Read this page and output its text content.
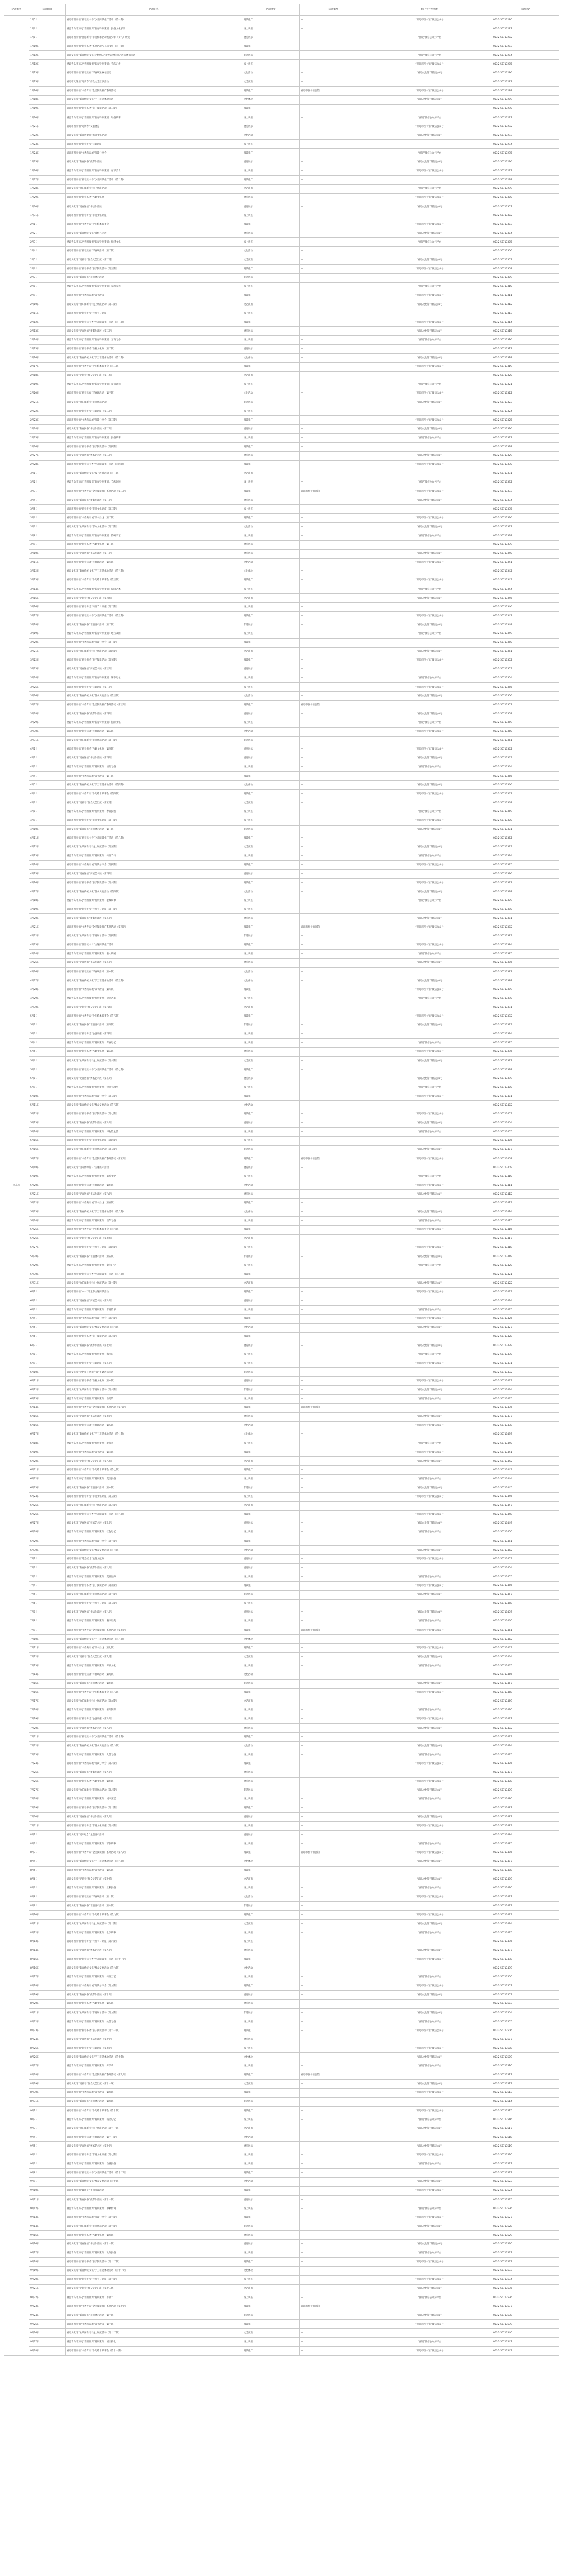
活动单位	活动时间	活动内容	活动类型	活动概况	线上平台及网址	咨询电话
青岛市	1月5日	青岛市图书馆“新春送书香”少儿阅读推广活动（第一期）	阅读推广	—	“青岛市图书馆”微信公众号	0532-55717280
	1月6日	溯源青岛市历史“青图微课”新春特别策划：民俗文化解读	线上讲座	—		0532-55717281
	1月8日	青岛市图书馆“喜迎新春”非遗传承活动暨青少年（少儿）展览	展览展示	—	“喜迎”微信公众号平台	0532-55717282
	1月10日	青岛市图书馆“新春书香”系列活动少儿读书会（第一期）	阅读推广	—		0532-55717283
	1月12日	青岛文化馆“新春传统文化·迎春共庆”非物质文化遗产展示展演活动	非遗展示	—	“喜迎”微信公众号平台	0532-55717284
	1月12日	溯源青岛市历史“青图微课”新春特别策划：节庆习俗	线上讲座	—	“青岛市图书馆”微信公众号	0532-55717285
	1月13日	青岛市图书馆“新春送福”写春联送祝福活动	文化活动	—	“青岛文化馆”微信公众号	0532-55717286
	1月15日	青岛市文化馆“迎新春”群众文艺汇演活动	文艺演出	—		0532-55717287
	1月16日	青岛市图书馆“书香青岛”全民阅读推广系列活动	阅读推广	青岛市图书馆总馆	“青岛市图书馆”微信公众号	0532-55717288
	1月18日	青岛文化馆“新春传统文化”手工非遗体验活动	文化体验	—	“青岛文化馆”微信公众号	0532-55717289
	1月19日	青岛市图书馆“新春书香”亲子阅读活动（第二期）	阅读推广	—		0532-55717290
	1月20日	溯源青岛市历史“青图微课”新春特别策划：年俗故事	线上讲座	—	“喜迎”微信公众号平台	0532-55717291
	1月21日	青岛市图书馆“迎新春”文献展览	展览展示	—	“青岛市图书馆”微信公众号	0532-55717292
	1月22日	青岛文化馆“新春送欢乐”群众文化活动	文化活动	—	“青岛文化馆”微信公众号	0532-55717293
	1月23日	青岛市图书馆“新春讲堂”公益讲座	线上讲座	—		0532-55717294
	1月24日	青岛市图书馆“书香满岛城”阅读分享会	阅读推广	—	“喜迎”微信公众号平台	0532-55717295
	1月25日	青岛文化馆“新春民俗”摄影作品展	展览展示	—	“青岛文化馆”微信公众号	0532-55717296
	1月26日	溯源青岛市历史“青图微课”新春特别策划：春节美食	线上讲座	—	“青岛市图书馆”微信公众号	0532-55717297
	1月27日	青岛市图书馆“新春送书香”少儿阅读推广活动（第二期）	阅读推广	—		0532-55717298
	1月28日	青岛文化馆“欢乐闹新春”线上展演活动	文艺演出	—	“喜迎”微信公众号平台	0532-55717299
	1月29日	青岛市图书馆“新春书香”古籍文化展	展览展示	—	“青岛市图书馆”微信公众号	0532-55717300
	1月30日	青岛文化馆“迎春送福”书法作品展	展览展示	—	“青岛文化馆”微信公众号	0532-55717301
	1月31日	青岛市图书馆“新春讲堂”非遗文化讲座	线上讲座	—		0532-55717302
	2月1日	青岛市图书馆“书香青岛”少儿绘本故事会	阅读推广	—	“青岛市图书馆”微信公众号	0532-55717303
	2月2日	青岛文化馆“新春传统文化”剪纸艺术展	展览展示	—	“青岛文化馆”微信公众号	0532-55717304
	2月3日	溯源青岛市历史“青图微课”新春特别策划：灯谜文化	线上讲座	—	“喜迎”微信公众号平台	0532-55717305
	2月4日	青岛市图书馆“新春送福”写春联活动（第二期）	文化活动	—		0532-55717306
	2月5日	青岛文化馆“迎新春”群众文艺汇演（第二场）	文艺演出	—	“青岛文化馆”微信公众号	0532-55717307
	2月6日	青岛市图书馆“新春书香”亲子阅读活动（第三期）	阅读推广	—	“青岛市图书馆”微信公众号	0532-55717308
	2月7日	青岛文化馆“新春民俗”非遗展示活动	非遗展示	—		0532-55717309
	2月8日	溯源青岛市历史“青图微课”新春特别策划：家风家训	线上讲座	—	“喜迎”微信公众号平台	0532-55717310
	2月9日	青岛市图书馆“书香满岛城”读书沙龙	阅读推广	—	“青岛市图书馆”微信公众号	0532-55717311
	2月10日	青岛文化馆“欢乐闹新春”线上展演活动（第二期）	文艺演出	—	“青岛文化馆”微信公众号	0532-55717312
	2月11日	青岛市图书馆“新春讲堂”传统节日讲座	线上讲座	—		0532-55717313
	2月12日	青岛市图书馆“新春送书香”少儿阅读推广活动（第三期）	阅读推广	—	“青岛市图书馆”微信公众号	0532-55717314
	2月13日	青岛文化馆“迎春送福”摄影作品展（第二期）	展览展示	—	“青岛文化馆”微信公众号	0532-55717315
	2月14日	溯源青岛市历史“青图微课”新春特别策划：元宵习俗	线上讲座	—	“喜迎”微信公众号平台	0532-55717316
	2月15日	青岛市图书馆“新春书香”古籍文化展（第二期）	展览展示	—		0532-55717317
	2月16日	青岛文化馆“新春传统文化”手工非遗体验活动（第二期）	文化体验	—	“青岛文化馆”微信公众号	0532-55717318
	2月17日	青岛市图书馆“书香青岛”少儿绘本故事会（第二期）	阅读推广	—	“青岛市图书馆”微信公众号	0532-55717319
	2月18日	青岛文化馆“迎新春”群众文艺汇演（第三场）	文艺演出	—		0532-55717320
	2月19日	溯源青岛市历史“青图微课”新春特别策划：春节诗词	线上讲座	—	“喜迎”微信公众号平台	0532-55717321
	2月20日	青岛市图书馆“新春送福”写春联活动（第三期）	文化活动	—	“青岛市图书馆”微信公众号	0532-55717322
	2月21日	青岛文化馆“欢乐闹新春”非遗展示活动	非遗展示	—	“青岛文化馆”微信公众号	0532-55717323
	2月22日	青岛市图书馆“新春讲堂”公益讲座（第二期）	线上讲座	—		0532-55717324
	2月23日	青岛市图书馆“书香满岛城”阅读分享会（第二期）	阅读推广	—	“青岛市图书馆”微信公众号	0532-55717325
	2月24日	青岛文化馆“新春民俗”书法作品展（第二期）	展览展示	—	“青岛文化馆”微信公众号	0532-55717326
	2月25日	溯源青岛市历史“青图微课”新春特别策划：民俗故事	线上讲座	—	“喜迎”微信公众号平台	0532-55717327
	2月26日	青岛市图书馆“新春书香”亲子阅读活动（第四期）	阅读推广	—		0532-55717328
	2月27日	青岛文化馆“迎春送福”剪纸艺术展（第二期）	展览展示	—	“青岛文化馆”微信公众号	0532-55717329
	2月28日	青岛市图书馆“新春送书香”少儿阅读推广活动（第四期）	阅读推广	—	“青岛市图书馆”微信公众号	0532-55717330
	3月1日	青岛文化馆“新春传统文化”线上展演活动（第三期）	文艺演出	—		0532-55717331
	3月2日	溯源青岛市历史“青图微课”新春特别策划：节庆回顾	线上讲座	—	“喜迎”微信公众号平台	0532-55717332
	3月3日	青岛市图书馆“书香青岛”全民阅读推广系列活动（第二期）	阅读推广	青岛市图书馆总馆	“青岛市图书馆”微信公众号	0532-55717333
	3月4日	青岛文化馆“新春民俗”摄影作品展（第三期）	展览展示	—	“青岛文化馆”微信公众号	0532-55717334
	3月5日	青岛市图书馆“新春讲堂”非遗文化讲座（第二期）	线上讲座	—		0532-55717335
	3月6日	青岛市图书馆“书香满岛城”读书沙龙（第二期）	阅读推广	—	“青岛市图书馆”微信公众号	0532-55717336
	3月7日	青岛文化馆“欢乐闹新春”群众文化活动（第二期）	文化活动	—	“青岛文化馆”微信公众号	0532-55717337
	3月8日	溯源青岛市历史“青图微课”新春特别策划：传统手艺	线上讲座	—	“喜迎”微信公众号平台	0532-55717338
	3月9日	青岛市图书馆“新春书香”古籍文化展（第三期）	展览展示	—		0532-55717339
	3月10日	青岛文化馆“迎春送福”书法作品展（第三期）	展览展示	—	“青岛文化馆”微信公众号	0532-55717340
	3月11日	青岛市图书馆“新春送福”写春联活动（第四期）	文化活动	—	“青岛市图书馆”微信公众号	0532-55717341
	3月12日	青岛文化馆“新春传统文化”手工非遗体验活动（第三期）	文化体验	—		0532-55717342
	3月13日	青岛市图书馆“书香青岛”少儿绘本故事会（第三期）	阅读推广	—	“青岛市图书馆”微信公众号	0532-55717343
	3月14日	溯源青岛市历史“青图微课”新春特别策划：民间艺术	线上讲座	—	“喜迎”微信公众号平台	0532-55717344
	3月15日	青岛文化馆“迎新春”群众文艺汇演（第四场）	文艺演出	—	“青岛文化馆”微信公众号	0532-55717345
	3月16日	青岛市图书馆“新春讲堂”传统节日讲座（第二期）	线上讲座	—		0532-55717346
	3月17日	青岛市图书馆“新春送书香”少儿阅读推广活动（第五期）	阅读推广	—	“青岛市图书馆”微信公众号	0532-55717347
	3月18日	青岛文化馆“新春民俗”非遗展示活动（第二期）	非遗展示	—	“青岛文化馆”微信公众号	0532-55717348
	3月19日	溯源青岛市历史“青图微课”新春特别策划：地方戏曲	线上讲座	—	“喜迎”微信公众号平台	0532-55717349
	3月20日	青岛市图书馆“书香满岛城”阅读分享会（第三期）	阅读推广	—		0532-55717350
	3月21日	青岛文化馆“欢乐闹新春”线上展演活动（第四期）	文艺演出	—	“青岛文化馆”微信公众号	0532-55717351
	3月22日	青岛市图书馆“新春书香”亲子阅读活动（第五期）	阅读推广	—	“青岛市图书馆”微信公众号	0532-55717352
	3月23日	青岛文化馆“迎春送福”剪纸艺术展（第三期）	展览展示	—		0532-55717353
	3月24日	溯源青岛市历史“青图微课”新春特别策划：城市记忆	线上讲座	—	“喜迎”微信公众号平台	0532-55717354
	3月25日	青岛市图书馆“新春讲堂”公益讲座（第三期）	线上讲座	—	“青岛市图书馆”微信公众号	0532-55717355
	3月26日	青岛文化馆“新春传统文化”群众文化活动（第三期）	文化活动	—	“青岛文化馆”微信公众号	0532-55717356
	3月27日	青岛市图书馆“书香青岛”全民阅读推广系列活动（第三期）	阅读推广	青岛市图书馆总馆		0532-55717357
	3月28日	青岛文化馆“新春民俗”摄影作品展（第四期）	展览展示	—	“青岛文化馆”微信公众号	0532-55717358
	3月29日	溯源青岛市历史“青图微课”新春特别策划：海洋文化	线上讲座	—	“喜迎”微信公众号平台	0532-55717359
	3月30日	青岛市图书馆“新春送福”写春联活动（第五期）	文化活动	—	“青岛市图书馆”微信公众号	0532-55717360
	3月31日	青岛文化馆“欢乐闹新春”非遗展示活动（第三期）	非遗展示	—		0532-55717361
	4月1日	青岛市图书馆“新春书香”古籍文化展（第四期）	展览展示	—	“青岛市图书馆”微信公众号	0532-55717362
	4月2日	青岛文化馆“迎春送福”书法作品展（第四期）	展览展示	—	“青岛文化馆”微信公众号	0532-55717363
	4月3日	溯源青岛市历史“青图微课”特别策划：清明习俗	线上讲座	—	“喜迎”微信公众号平台	0532-55717364
	4月4日	青岛市图书馆“书香满岛城”读书沙龙（第三期）	阅读推广	—		0532-55717365
	4月5日	青岛文化馆“新春传统文化”手工非遗体验活动（第四期）	文化体验	—	“青岛文化馆”微信公众号	0532-55717366
	4月6日	青岛市图书馆“书香青岛”少儿绘本故事会（第四期）	阅读推广	—	“青岛市图书馆”微信公众号	0532-55717367
	4月7日	青岛文化馆“迎新春”群众文艺汇演（第五场）	文艺演出	—		0532-55717368
	4月8日	溯源青岛市历史“青图微课”特别策划：春日民俗	线上讲座	—	“喜迎”微信公众号平台	0532-55717369
	4月9日	青岛市图书馆“新春讲堂”非遗文化讲座（第三期）	线上讲座	—	“青岛市图书馆”微信公众号	0532-55717370
	4月10日	青岛文化馆“新春民俗”非遗展示活动（第三期）	非遗展示	—	“青岛文化馆”微信公众号	0532-55717371
	4月11日	青岛市图书馆“新春送书香”少儿阅读推广活动（第六期）	阅读推广	—		0532-55717372
	4月12日	青岛文化馆“欢乐闹新春”线上展演活动（第五期）	文艺演出	—	“青岛文化馆”微信公众号	0532-55717373
	4月13日	溯源青岛市历史“青图微课”特别策划：传统节气	线上讲座	—	“喜迎”微信公众号平台	0532-55717374
	4月14日	青岛市图书馆“书香满岛城”阅读分享会（第四期）	阅读推广	—	“青岛市图书馆”微信公众号	0532-55717375
	4月15日	青岛文化馆“迎春送福”剪纸艺术展（第四期）	展览展示	—		0532-55717376
	4月16日	青岛市图书馆“新春书香”亲子阅读活动（第六期）	阅读推广	—	“青岛市图书馆”微信公众号	0532-55717377
	4月17日	青岛文化馆“新春传统文化”群众文化活动（第四期）	文化活动	—	“青岛文化馆”微信公众号	0532-55717378
	4月18日	溯源青岛市历史“青图微课”特别策划：老城故事	线上讲座	—	“喜迎”微信公众号平台	0532-55717379
	4月19日	青岛市图书馆“新春讲堂”传统节日讲座（第三期）	线上讲座	—		0532-55717380
	4月20日	青岛文化馆“新春民俗”摄影作品展（第五期）	展览展示	—	“青岛文化馆”微信公众号	0532-55717381
	4月21日	青岛市图书馆“书香青岛”全民阅读推广系列活动（第四期）	阅读推广	青岛市图书馆总馆	“青岛市图书馆”微信公众号	0532-55717382
	4月22日	青岛文化馆“欢乐闹新春”非遗展示活动（第四期）	非遗展示	—		0532-55717383
	4月23日	青岛市图书馆“世界读书日”主题阅读推广活动	阅读推广	—	“青岛市图书馆”微信公众号	0532-55717384
	4月24日	溯源青岛市历史“青图微课”特别策划：名人故居	线上讲座	—	“喜迎”微信公众号平台	0532-55717385
	4月25日	青岛文化馆“迎春送福”书法作品展（第五期）	展览展示	—	“青岛文化馆”微信公众号	0532-55717386
	4月26日	青岛市图书馆“新春送福”写春联活动（第六期）	文化活动	—		0532-55717387
	4月27日	青岛文化馆“新春传统文化”手工非遗体验活动（第五期）	文化体验	—	“青岛文化馆”微信公众号	0532-55717388
	4月28日	青岛市图书馆“书香满岛城”读书沙龙（第四期）	阅读推广	—	“青岛市图书馆”微信公众号	0532-55717389
	4月29日	溯源青岛市历史“青图微课”特别策划：劳动之美	线上讲座	—	“喜迎”微信公众号平台	0532-55717390
	4月30日	青岛文化馆“迎新春”群众文艺汇演（第六场）	文艺演出	—		0532-55717391
	5月1日	青岛市图书馆“书香青岛”少儿绘本故事会（第五期）	阅读推广	—	“青岛市图书馆”微信公众号	0532-55717392
	5月2日	青岛文化馆“新春民俗”非遗展示活动（第四期）	非遗展示	—	“青岛文化馆”微信公众号	0532-55717393
	5月3日	青岛市图书馆“新春讲堂”公益讲座（第四期）	线上讲座	—		0532-55717394
	5月4日	溯源青岛市历史“青图微课”特别策划：青春记忆	线上讲座	—	“喜迎”微信公众号平台	0532-55717395
	5月5日	青岛市图书馆“新春书香”古籍文化展（第五期）	展览展示	—	“青岛市图书馆”微信公众号	0532-55717396
	5月6日	青岛文化馆“欢乐闹新春”线上展演活动（第六期）	文艺演出	—	“青岛文化馆”微信公众号	0532-55717397
	5月7日	青岛市图书馆“新春送书香”少儿阅读推广活动（第七期）	阅读推广	—		0532-55717398
	5月8日	青岛文化馆“迎春送福”剪纸艺术展（第五期）	展览展示	—	“青岛文化馆”微信公众号	0532-55717399
	5月9日	溯源青岛市历史“青图微课”特别策划：母亲节故事	线上讲座	—	“喜迎”微信公众号平台	0532-55717400
	5月10日	青岛市图书馆“书香满岛城”阅读分享会（第五期）	阅读推广	—	“青岛市图书馆”微信公众号	0532-55717401
	5月11日	青岛文化馆“新春传统文化”群众文化活动（第五期）	文化活动	—		0532-55717402
	5月12日	青岛市图书馆“新春书香”亲子阅读活动（第七期）	阅读推广	—	“青岛市图书馆”微信公众号	0532-55717403
	5月13日	青岛文化馆“新春民俗”摄影作品展（第六期）	展览展示	—	“青岛文化馆”微信公众号	0532-55717404
	5月14日	溯源青岛市历史“青图微课”特别策划：博物馆之旅	线上讲座	—	“喜迎”微信公众号平台	0532-55717405
	5月15日	青岛市图书馆“新春讲堂”非遗文化讲座（第四期）	线上讲座	—		0532-55717406
	5月16日	青岛文化馆“欢乐闹新春”非遗展示活动（第五期）	非遗展示	—	“青岛文化馆”微信公众号	0532-55717407
	5月17日	青岛市图书馆“书香青岛”全民阅读推广系列活动（第五期）	阅读推广	青岛市图书馆总馆	“青岛市图书馆”微信公众号	0532-55717408
	5月18日	青岛文化馆“国际博物馆日”主题展示活动	展览展示	—		0532-55717409
	5月19日	溯源青岛市历史“青图微课”特别策划：旅游文化	线上讲座	—	“喜迎”微信公众号平台	0532-55717410
	5月20日	青岛市图书馆“新春送福”写春联活动（第七期）	文化活动	—	“青岛市图书馆”微信公众号	0532-55717411
	5月21日	青岛文化馆“迎春送福”书法作品展（第六期）	展览展示	—	“青岛文化馆”微信公众号	0532-55717412
	5月22日	青岛市图书馆“书香满岛城”读书沙龙（第五期）	阅读推广	—		0532-55717413
	5月23日	青岛文化馆“新春传统文化”手工非遗体验活动（第六期）	文化体验	—	“青岛文化馆”微信公众号	0532-55717414
	5月24日	溯源青岛市历史“青图微课”特别策划：端午习俗	线上讲座	—	“喜迎”微信公众号平台	0532-55717415
	5月25日	青岛市图书馆“书香青岛”少儿绘本故事会（第六期）	阅读推广	—	“青岛市图书馆”微信公众号	0532-55717416
	5月26日	青岛文化馆“迎新春”群众文艺汇演（第七场）	文艺演出	—		0532-55717417
	5月27日	青岛市图书馆“新春讲堂”传统节日讲座（第四期）	线上讲座	—	“青岛市图书馆”微信公众号	0532-55717418
	5月28日	青岛文化馆“新春民俗”非遗展示活动（第五期）	非遗展示	—	“青岛文化馆”微信公众号	0532-55717419
	5月29日	溯源青岛市历史“青图微课”特别策划：童年记忆	线上讲座	—	“喜迎”微信公众号平台	0532-55717420
	5月30日	青岛市图书馆“新春送书香”少儿阅读推广活动（第八期）	阅读推广	—		0532-55717421
	5月31日	青岛文化馆“欢乐闹新春”线上展演活动（第七期）	文艺演出	—	“青岛文化馆”微信公众号	0532-55717422
	6月1日	青岛市图书馆“六一”儿童节主题阅读活动	阅读推广	—	“青岛市图书馆”微信公众号	0532-55717423
	6月2日	青岛文化馆“迎春送福”剪纸艺术展（第六期）	展览展示	—		0532-55717424
	6月3日	溯源青岛市历史“青图微课”特别策划：非遗传承	线上讲座	—	“喜迎”微信公众号平台	0532-55717425
	6月4日	青岛市图书馆“书香满岛城”阅读分享会（第六期）	阅读推广	—	“青岛市图书馆”微信公众号	0532-55717426
	6月5日	青岛文化馆“新春传统文化”群众文化活动（第六期）	文化活动	—	“青岛文化馆”微信公众号	0532-55717427
	6月6日	青岛市图书馆“新春书香”亲子阅读活动（第八期）	阅读推广	—		0532-55717428
	6月7日	青岛文化馆“新春民俗”摄影作品展（第七期）	展览展示	—	“青岛文化馆”微信公众号	0532-55717429
	6月8日	溯源青岛市历史“青图微课”特别策划：海洋日	线上讲座	—	“喜迎”微信公众号平台	0532-55717430
	6月9日	青岛市图书馆“新春讲堂”公益讲座（第五期）	线上讲座	—	“青岛市图书馆”微信公众号	0532-55717431
	6月10日	青岛文化馆“文化和自然遗产日”主题展示活动	非遗展示	—		0532-55717432
	6月11日	青岛市图书馆“新春书香”古籍文化展（第六期）	展览展示	—	“青岛市图书馆”微信公众号	0532-55717433
	6月12日	青岛文化馆“欢乐闹新春”非遗展示活动（第六期）	非遗展示	—	“青岛文化馆”微信公众号	0532-55717434
	6月13日	溯源青岛市历史“青图微课”特别策划：古建筑	线上讲座	—	“喜迎”微信公众号平台	0532-55717435
	6月14日	青岛市图书馆“书香青岛”全民阅读推广系列活动（第六期）	阅读推广	青岛市图书馆总馆		0532-55717436
	6月15日	青岛文化馆“迎春送福”书法作品展（第七期）	展览展示	—	“青岛文化馆”微信公众号	0532-55717437
	6月16日	青岛市图书馆“新春送福”写春联活动（第八期）	文化活动	—	“青岛市图书馆”微信公众号	0532-55717438
	6月17日	青岛文化馆“新春传统文化”手工非遗体验活动（第七期）	文化体验	—		0532-55717439
	6月18日	溯源青岛市历史“青图微课”特别策划：老街巷	线上讲座	—	“喜迎”微信公众号平台	0532-55717440
	6月19日	青岛市图书馆“书香满岛城”读书沙龙（第六期）	阅读推广	—	“青岛市图书馆”微信公众号	0532-55717441
	6月20日	青岛文化馆“迎新春”群众文艺汇演（第八场）	文艺演出	—	“青岛文化馆”微信公众号	0532-55717442
	6月21日	青岛市图书馆“书香青岛”少儿绘本故事会（第七期）	阅读推广	—		0532-55717443
	6月22日	溯源青岛市历史“青图微课”特别策划：夏至民俗	线上讲座	—	“喜迎”微信公众号平台	0532-55717444
	6月23日	青岛文化馆“新春民俗”非遗展示活动（第六期）	非遗展示	—	“青岛文化馆”微信公众号	0532-55717445
	6月24日	青岛市图书馆“新春讲堂”非遗文化讲座（第五期）	线上讲座	—	“青岛市图书馆”微信公众号	0532-55717446
	6月25日	青岛文化馆“欢乐闹新春”线上展演活动（第八期）	文艺演出	—		0532-55717447
	6月26日	青岛市图书馆“新春送书香”少儿阅读推广活动（第九期）	阅读推广	—	“青岛市图书馆”微信公众号	0532-55717448
	6月27日	青岛文化馆“迎春送福”剪纸艺术展（第七期）	展览展示	—	“青岛文化馆”微信公众号	0532-55717449
	6月28日	溯源青岛市历史“青图微课”特别策划：红色记忆	线上讲座	—	“喜迎”微信公众号平台	0532-55717450
	6月29日	青岛市图书馆“书香满岛城”阅读分享会（第七期）	阅读推广	—		0532-55717451
	6月30日	青岛文化馆“新春传统文化”群众文化活动（第七期）	文化活动	—	“青岛文化馆”微信公众号	0532-55717452
	7月1日	青岛市图书馆“建党纪念”主题文献展	展览展示	—	“青岛市图书馆”微信公众号	0532-55717453
	7月2日	青岛文化馆“新春民俗”摄影作品展（第八期）	展览展示	—		0532-55717454
	7月3日	溯源青岛市历史“青图微课”特别策划：夏日海滨	线上讲座	—	“喜迎”微信公众号平台	0532-55717455
	7月4日	青岛市图书馆“新春书香”亲子阅读活动（第九期）	阅读推广	—	“青岛市图书馆”微信公众号	0532-55717456
	7月5日	青岛文化馆“欢乐闹新春”非遗展示活动（第七期）	非遗展示	—	“青岛文化馆”微信公众号	0532-55717457
	7月6日	青岛市图书馆“新春讲堂”传统节日讲座（第五期）	线上讲座	—		0532-55717458
	7月7日	青岛文化馆“迎春送福”书法作品展（第八期）	展览展示	—	“青岛文化馆”微信公众号	0532-55717459
	7月8日	溯源青岛市历史“青图微课”特别策划：港口历史	线上讲座	—	“喜迎”微信公众号平台	0532-55717460
	7月9日	青岛市图书馆“书香青岛”全民阅读推广系列活动（第七期）	阅读推广	青岛市图书馆总馆	“青岛市图书馆”微信公众号	0532-55717461
	7月10日	青岛文化馆“新春传统文化”手工非遗体验活动（第八期）	文化体验	—		0532-55717462
	7月11日	青岛市图书馆“书香满岛城”读书沙龙（第七期）	阅读推广	—	“青岛市图书馆”微信公众号	0532-55717463
	7月12日	青岛文化馆“迎新春”群众文艺汇演（第九场）	文艺演出	—	“青岛文化馆”微信公众号	0532-55717464
	7月13日	溯源青岛市历史“青图微课”特别策划：啤酒文化	线上讲座	—	“喜迎”微信公众号平台	0532-55717465
	7月14日	青岛市图书馆“新春送福”写春联活动（第九期）	文化活动	—		0532-55717466
	7月15日	青岛文化馆“新春民俗”非遗展示活动（第七期）	非遗展示	—	“青岛文化馆”微信公众号	0532-55717467
	7月16日	青岛市图书馆“书香青岛”少儿绘本故事会（第八期）	阅读推广	—	“青岛市图书馆”微信公众号	0532-55717468
	7月17日	青岛文化馆“欢乐闹新春”线上展演活动（第九期）	文艺演出	—		0532-55717469
	7月18日	溯源青岛市历史“青图微课”特别策划：暑期阅读	线上讲座	—	“喜迎”微信公众号平台	0532-55717470
	7月19日	青岛市图书馆“新春讲堂”公益讲座（第六期）	线上讲座	—	“青岛市图书馆”微信公众号	0532-55717471
	7月20日	青岛文化馆“迎春送福”剪纸艺术展（第八期）	展览展示	—	“青岛文化馆”微信公众号	0532-55717472
	7月21日	青岛市图书馆“新春送书香”少儿阅读推广活动（第十期）	阅读推广	—		0532-55717473
	7月22日	青岛文化馆“新春传统文化”群众文化活动（第八期）	文化活动	—	“青岛文化馆”微信公众号	0532-55717474
	7月23日	溯源青岛市历史“青图微课”特别策划：大暑习俗	线上讲座	—	“喜迎”微信公众号平台	0532-55717475
	7月24日	青岛市图书馆“书香满岛城”阅读分享会（第八期）	阅读推广	—	“青岛市图书馆”微信公众号	0532-55717476
	7月25日	青岛文化馆“新春民俗”摄影作品展（第九期）	展览展示	—		0532-55717477
	7月26日	青岛市图书馆“新春书香”古籍文化展（第七期）	展览展示	—	“青岛市图书馆”微信公众号	0532-55717478
	7月27日	青岛文化馆“欢乐闹新春”非遗展示活动（第八期）	非遗展示	—	“青岛文化馆”微信公众号	0532-55717479
	7月28日	溯源青岛市历史“青图微课”特别策划：城市变迁	线上讲座	—	“喜迎”微信公众号平台	0532-55717480
	7月29日	青岛市图书馆“新春书香”亲子阅读活动（第十期）	阅读推广	—		0532-55717481
	7月30日	青岛文化馆“迎春送福”书法作品展（第九期）	展览展示	—	“青岛文化馆”微信公众号	0532-55717482
	7月31日	青岛市图书馆“新春讲堂”非遗文化讲座（第六期）	线上讲座	—	“青岛市图书馆”微信公众号	0532-55717483
	8月1日	青岛文化馆“建军纪念”主题展示活动	展览展示	—		0532-55717484
	8月2日	溯源青岛市历史“青图微课”特别策划：军旅故事	线上讲座	—	“喜迎”微信公众号平台	0532-55717485
	8月3日	青岛市图书馆“书香青岛”全民阅读推广系列活动（第八期）	阅读推广	青岛市图书馆总馆	“青岛市图书馆”微信公众号	0532-55717486
	8月4日	青岛文化馆“新春传统文化”手工非遗体验活动（第九期）	文化体验	—	“青岛文化馆”微信公众号	0532-55717487
	8月5日	青岛市图书馆“书香满岛城”读书沙龙（第八期）	阅读推广	—		0532-55717488
	8月6日	青岛文化馆“迎新春”群众文艺汇演（第十场）	文艺演出	—	“青岛文化馆”微信公众号	0532-55717489
	8月7日	溯源青岛市历史“青图微课”特别策划：立秋民俗	线上讲座	—	“喜迎”微信公众号平台	0532-55717490
	8月8日	青岛市图书馆“新春送福”写春联活动（第十期）	文化活动	—	“青岛市图书馆”微信公众号	0532-55717491
	8月9日	青岛文化馆“新春民俗”非遗展示活动（第八期）	非遗展示	—		0532-55717492
	8月10日	青岛市图书馆“书香青岛”少儿绘本故事会（第九期）	阅读推广	—	“青岛市图书馆”微信公众号	0532-55717493
	8月11日	青岛文化馆“欢乐闹新春”线上展演活动（第十期）	文艺演出	—	“青岛文化馆”微信公众号	0532-55717494
	8月12日	溯源青岛市历史“青图微课”特别策划：七夕故事	线上讲座	—	“喜迎”微信公众号平台	0532-55717495
	8月13日	青岛市图书馆“新春讲堂”传统节日讲座（第六期）	线上讲座	—		0532-55717496
	8月14日	青岛文化馆“迎春送福”剪纸艺术展（第九期）	展览展示	—	“青岛文化馆”微信公众号	0532-55717497
	8月15日	青岛市图书馆“新春送书香”少儿阅读推广活动（第十一期）	阅读推广	—	“青岛市图书馆”微信公众号	0532-55717498
	8月16日	青岛文化馆“新春传统文化”群众文化活动（第九期）	文化活动	—		0532-55717499
	8月17日	溯源青岛市历史“青图微课”特别策划：传统工艺	线上讲座	—	“喜迎”微信公众号平台	0532-55717500
	8月18日	青岛市图书馆“书香满岛城”阅读分享会（第九期）	阅读推广	—	“青岛市图书馆”微信公众号	0532-55717501
	8月19日	青岛文化馆“新春民俗”摄影作品展（第十期）	展览展示	—	“青岛文化馆”微信公众号	0532-55717502
	8月20日	青岛市图书馆“新春书香”古籍文化展（第八期）	展览展示	—		0532-55717503
	8月21日	青岛文化馆“欢乐闹新春”非遗展示活动（第九期）	非遗展示	—	“青岛文化馆”微信公众号	0532-55717504
	8月22日	溯源青岛市历史“青图微课”特别策划：处暑习俗	线上讲座	—	“喜迎”微信公众号平台	0532-55717505
	8月23日	青岛市图书馆“新春书香”亲子阅读活动（第十一期）	阅读推广	—	“青岛市图书馆”微信公众号	0532-55717506
	8月24日	青岛文化馆“迎春送福”书法作品展（第十期）	展览展示	—		0532-55717507
	8月25日	青岛市图书馆“新春讲堂”公益讲座（第七期）	线上讲座	—	“青岛市图书馆”微信公众号	0532-55717508
	8月26日	青岛文化馆“新春传统文化”手工非遗体验活动（第十期）	文化体验	—	“青岛文化馆”微信公众号	0532-55717509
	8月27日	溯源青岛市历史“青图微课”特别策划：开学季	线上讲座	—	“喜迎”微信公众号平台	0532-55717510
	8月28日	青岛市图书馆“书香青岛”全民阅读推广系列活动（第九期）	阅读推广	青岛市图书馆总馆		0532-55717511
	8月29日	青岛文化馆“迎新春”群众文艺汇演（第十一场）	文艺演出	—	“青岛文化馆”微信公众号	0532-55717512
	8月30日	青岛市图书馆“书香满岛城”读书沙龙（第九期）	阅读推广	—	“青岛市图书馆”微信公众号	0532-55717513
	8月31日	青岛文化馆“新春民俗”非遗展示活动（第九期）	非遗展示	—		0532-55717514
	9月1日	青岛市图书馆“书香青岛”少儿绘本故事会（第十期）	阅读推广	—	“青岛市图书馆”微信公众号	0532-55717515
	9月2日	溯源青岛市历史“青图微课”特别策划：校园记忆	线上讲座	—	“喜迎”微信公众号平台	0532-55717516
	9月3日	青岛文化馆“欢乐闹新春”线上展演活动（第十一期）	文艺演出	—	“青岛文化馆”微信公众号	0532-55717517
	9月4日	青岛市图书馆“新春送福”写春联活动（第十一期）	文化活动	—		0532-55717518
	9月5日	青岛文化馆“迎春送福”剪纸艺术展（第十期）	展览展示	—	“青岛文化馆”微信公众号	0532-55717519
	9月6日	青岛市图书馆“新春讲堂”非遗文化讲座（第七期）	线上讲座	—	“青岛市图书馆”微信公众号	0532-55717520
	9月7日	溯源青岛市历史“青图微课”特别策划：白露民俗	线上讲座	—	“喜迎”微信公众号平台	0532-55717521
	9月8日	青岛市图书馆“新春送书香”少儿阅读推广活动（第十二期）	阅读推广	—		0532-55717522
	9月9日	青岛文化馆“新春传统文化”群众文化活动（第十期）	文化活动	—	“青岛文化馆”微信公众号	0532-55717523
	9月10日	青岛市图书馆“教师节”主题阅读活动	阅读推广	—	“青岛市图书馆”微信公众号	0532-55717524
	9月11日	青岛文化馆“新春民俗”摄影作品展（第十一期）	展览展示	—		0532-55717525
	9月12日	溯源青岛市历史“青图微课”特别策划：中秋传说	线上讲座	—	“喜迎”微信公众号平台	0532-55717526
	9月13日	青岛市图书馆“书香满岛城”阅读分享会（第十期）	阅读推广	—	“青岛市图书馆”微信公众号	0532-55717527
	9月14日	青岛文化馆“欢乐闹新春”非遗展示活动（第十期）	非遗展示	—	“青岛文化馆”微信公众号	0532-55717528
	9月15日	青岛市图书馆“新春书香”古籍文化展（第九期）	展览展示	—		0532-55717529
	9月16日	青岛文化馆“迎春送福”书法作品展（第十一期）	展览展示	—	“青岛文化馆”微信公众号	0532-55717530
	9月17日	溯源青岛市历史“青图微课”特别策划：秋分民俗	线上讲座	—	“喜迎”微信公众号平台	0532-55717531
	9月18日	青岛市图书馆“新春书香”亲子阅读活动（第十二期）	阅读推广	—	“青岛市图书馆”微信公众号	0532-55717532
	9月19日	青岛文化馆“新春传统文化”手工非遗体验活动（第十一期）	文化体验	—		0532-55717533
	9月20日	青岛市图书馆“新春讲堂”传统节日讲座（第七期）	线上讲座	—	“青岛市图书馆”微信公众号	0532-55717534
	9月21日	青岛文化馆“迎新春”群众文艺汇演（第十二场）	文艺演出	—	“青岛文化馆”微信公众号	0532-55717535
	9月22日	溯源青岛市历史“青图微课”特别策划：丰收节	线上讲座	—	“喜迎”微信公众号平台	0532-55717536
	9月23日	青岛市图书馆“书香青岛”全民阅读推广系列活动（第十期）	阅读推广	青岛市图书馆总馆		0532-55717537
	9月24日	青岛文化馆“新春民俗”非遗展示活动（第十期）	非遗展示	—	“青岛文化馆”微信公众号	0532-55717538
	9月25日	青岛市图书馆“书香满岛城”读书沙龙（第十期）	阅读推广	—	“青岛市图书馆”微信公众号	0532-55717539
	9月26日	青岛文化馆“欢乐闹新春”线上展演活动（第十二期）	文艺演出	—		0532-55717540
	9月27日	溯源青岛市历史“青图微课”特别策划：国庆献礼	线上讲座	—	“喜迎”微信公众号平台	0532-55717541
	9月28日	青岛市图书馆“书香青岛”少儿绘本故事会（第十一期）	阅读推广	—	“青岛市图书馆”微信公众号	0532-55717542
